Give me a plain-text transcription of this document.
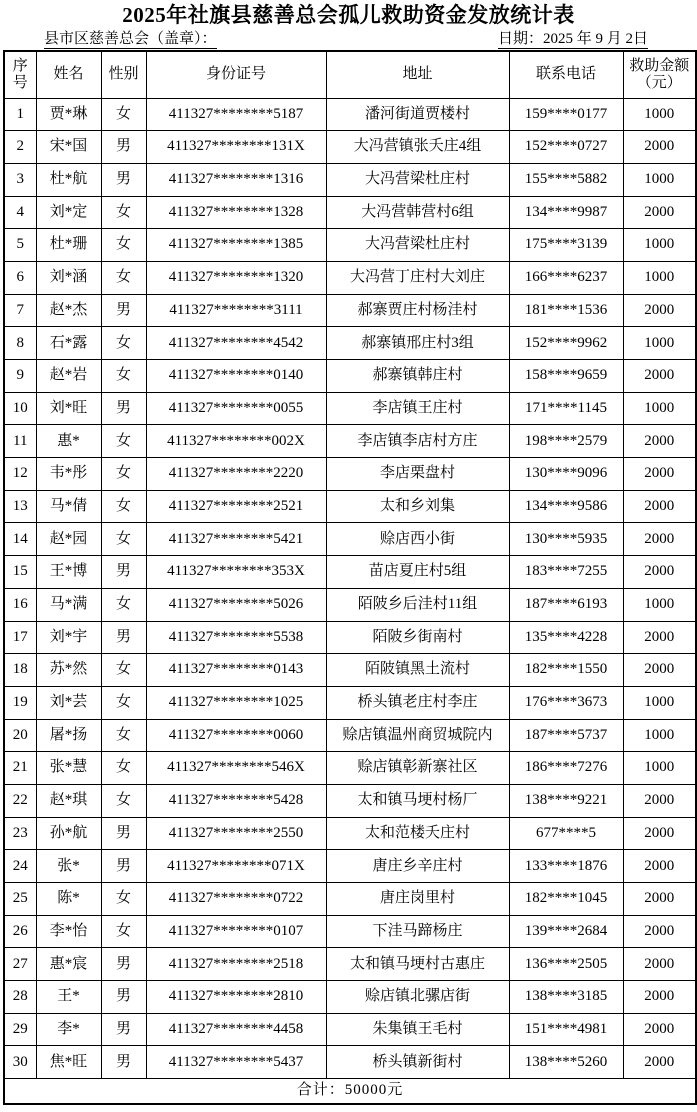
2025年社旗县慈善总会孤儿救助资金发放统计表
县市区慈善总会（盖章）：	日期：2025 年 9 月 2日
序号	姓名	性别	身份证号	地址	联系电话	救助金额（元）
1	贾*琳	女	411327********5187	潘河街道贾楼村	159****0177	1000
2	宋*国	男	411327********131X	大冯营镇张夭庄4组	152****0727	2000
3	杜*航	男	411327********1316	大冯营梁杜庄村	155****5882	1000
4	刘*定	女	411327********1328	大冯营韩营村6组	134****9987	2000
5	杜*珊	女	411327********1385	大冯营梁杜庄村	175****3139	1000
6	刘*涵	女	411327********1320	大冯营丁庄村大刘庄	166****6237	1000
7	赵*杰	男	411327********3111	郝寨贾庄村杨洼村	181****1536	2000
8	石*露	女	411327********4542	郝寨镇邢庄村3组	152****9962	1000
9	赵*岩	女	411327********0140	郝寨镇韩庄村	158****9659	2000
10	刘*旺	男	411327********0055	李店镇王庄村	171****1145	1000
11	惠*	女	411327********002X	李店镇李店村方庄	198****2579	2000
12	韦*彤	女	411327********2220	李店栗盘村	130****9096	2000
13	马*倩	女	411327********2521	太和乡刘集	134****9586	2000
14	赵*园	女	411327********5421	赊店西小街	130****5935	2000
15	王*博	男	411327********353X	苗店夏庄村5组	183****7255	2000
16	马*满	女	411327********5026	陌陂乡后洼村11组	187****6193	1000
17	刘*宇	男	411327********5538	陌陂乡街南村	135****4228	2000
18	苏*然	女	411327********0143	陌陂镇黑土流村	182****1550	2000
19	刘*芸	女	411327********1025	桥头镇老庄村李庄	176****3673	1000
20	屠*扬	女	411327********0060	赊店镇温州商贸城院内	187****5737	1000
21	张*慧	女	411327********546X	赊店镇彰新寨社区	186****7276	1000
22	赵*琪	女	411327********5428	太和镇马埂村杨厂	138****9221	2000
23	孙*航	男	411327********2550	太和范楼夭庄村	677****5	2000
24	张*	男	411327********071X	唐庄乡辛庄村	133****1876	2000
25	陈*	女	411327********0722	唐庄岗里村	182****1045	2000
26	李*怡	女	411327********0107	下洼马蹄杨庄	139****2684	2000
27	惠*宸	男	411327********2518	太和镇马埂村古惠庄	136****2505	2000
28	王*	男	411327********2810	赊店镇北骡店街	138****3185	2000
29	李*	男	411327********4458	朱集镇王毛村	151****4981	2000
30	焦*旺	男	411327********5437	桥头镇新街村	138****5260	2000
合计：50000元						
